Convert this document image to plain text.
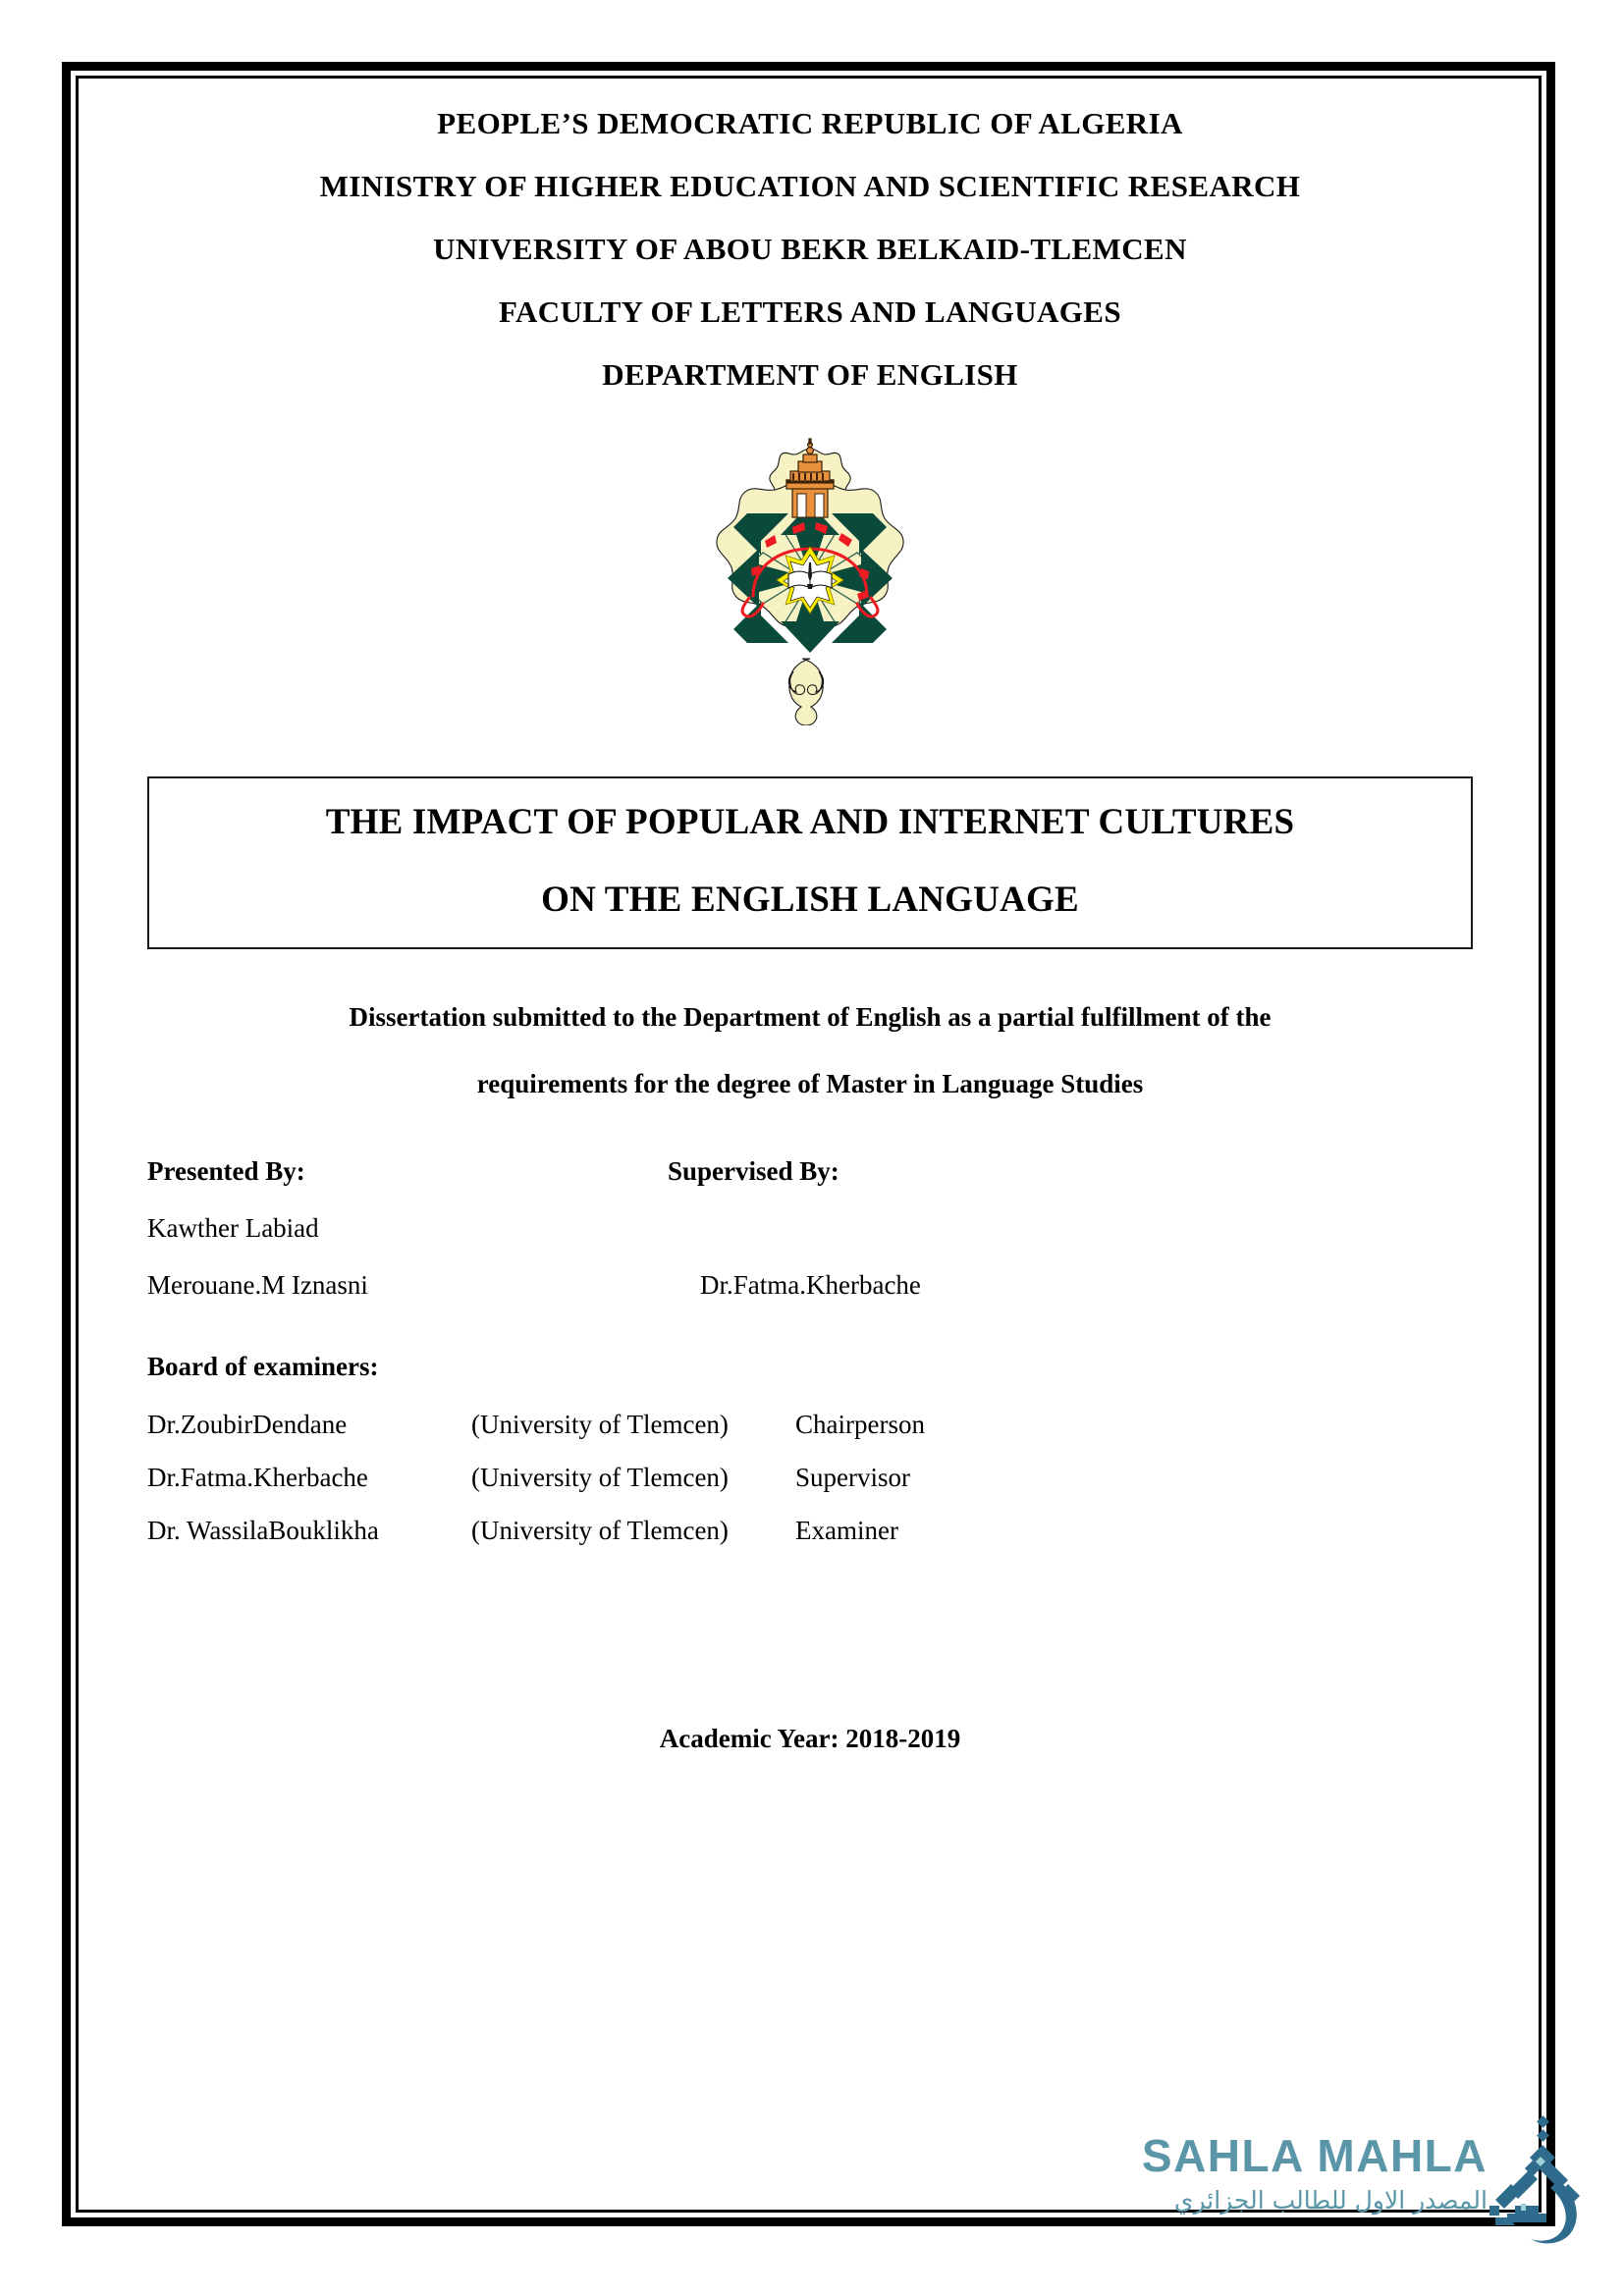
PEOPLE’S DEMOCRATIC REPUBLIC OF ALGERIA

MINISTRY OF HIGHER EDUCATION AND SCIENTIFIC RESEARCH

UNIVERSITY OF ABOU BEKR BELKAID-TLEMCEN

FACULTY OF LETTERS AND LANGUAGES

DEPARTMENT OF ENGLISH

THE IMPACT OF POPULAR AND INTERNET CULTURES

ON THE ENGLISH LANGUAGE

Dissertation submitted to the Department of English as a partial fulfillment of the

requirements for the degree of Master in Language Studies

Presented By:	Supervised By:
Kawther Labiad
Merouane.M Iznasni	Dr.Fatma.Kherbache
Board of examiners:
Dr.ZoubirDendane	(University of Tlemcen)	Chairperson
Dr.Fatma.Kherbache	(University of Tlemcen)	Supervisor
Dr. WassilaBouklikha	(University of Tlemcen)	Examiner
Academic Year: 2018-2019
SAHLA MAHLA
المصدر الاول للطالب الجزائري
